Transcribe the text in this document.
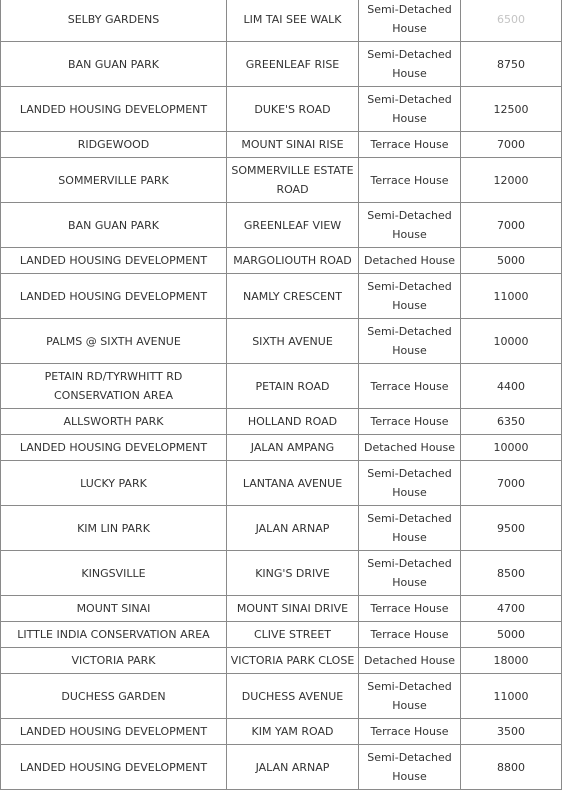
SELBY GARDENS	LIM TAI SEE WALK	Semi-Detached House	6500
BAN GUAN PARK	GREENLEAF RISE	Semi-Detached House	8750
LANDED HOUSING DEVELOPMENT	DUKE'S ROAD	Semi-Detached House	12500
RIDGEWOOD	MOUNT SINAI RISE	Terrace House	7000
SOMMERVILLE PARK	SOMMERVILLE ESTATE ROAD	Terrace House	12000
BAN GUAN PARK	GREENLEAF VIEW	Semi-Detached House	7000
LANDED HOUSING DEVELOPMENT	MARGOLIOUTH ROAD	Detached House	5000
LANDED HOUSING DEVELOPMENT	NAMLY CRESCENT	Semi-Detached House	11000
PALMS @ SIXTH AVENUE	SIXTH AVENUE	Semi-Detached House	10000
PETAIN RD/TYRWHITT RD CONSERVATION AREA	PETAIN ROAD	Terrace House	4400
ALLSWORTH PARK	HOLLAND ROAD	Terrace House	6350
LANDED HOUSING DEVELOPMENT	JALAN AMPANG	Detached House	10000
LUCKY PARK	LANTANA AVENUE	Semi-Detached House	7000
KIM LIN PARK	JALAN ARNAP	Semi-Detached House	9500
KINGSVILLE	KING'S DRIVE	Semi-Detached House	8500
MOUNT SINAI	MOUNT SINAI DRIVE	Terrace House	4700
LITTLE INDIA CONSERVATION AREA	CLIVE STREET	Terrace House	5000
VICTORIA PARK	VICTORIA PARK CLOSE	Detached House	18000
DUCHESS GARDEN	DUCHESS AVENUE	Semi-Detached House	11000
LANDED HOUSING DEVELOPMENT	KIM YAM ROAD	Terrace House	3500
LANDED HOUSING DEVELOPMENT	JALAN ARNAP	Semi-Detached House	8800
